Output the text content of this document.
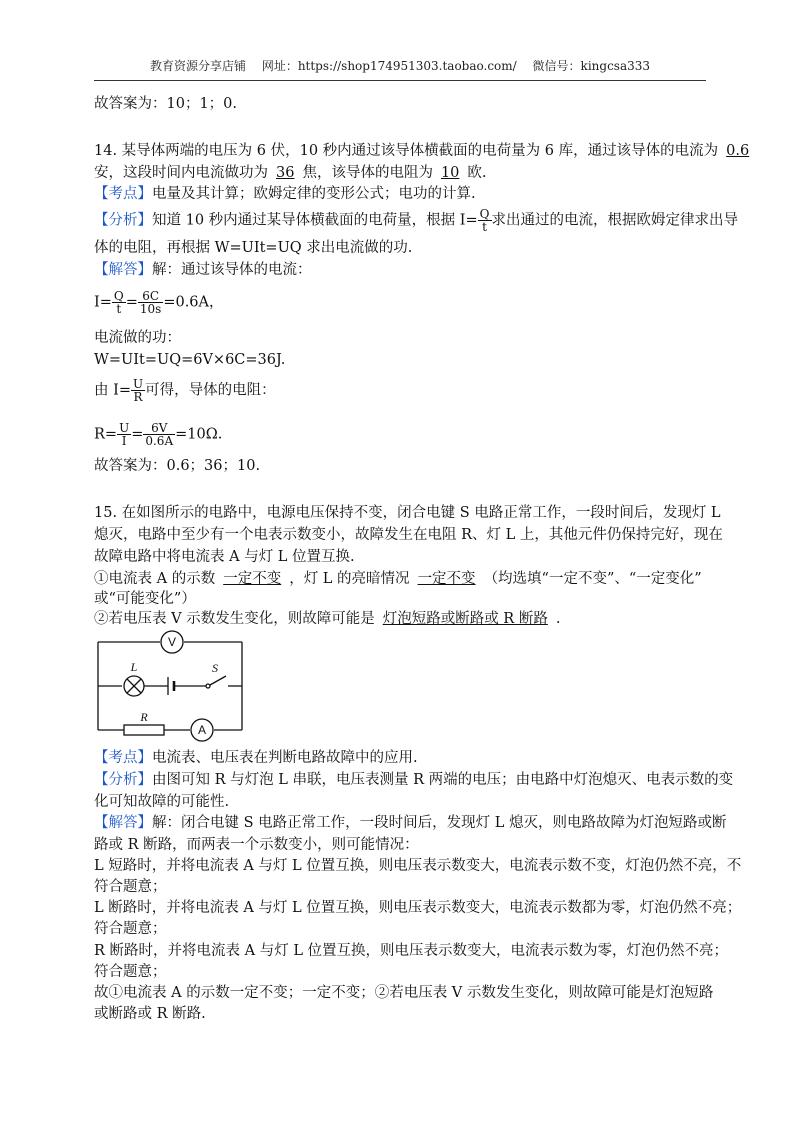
教育资源分享店铺 网址：https://shop174951303.taobao.com/ 微信号：kingcsa333
故答案为：10；1；0.
14. 某导体两端的电压为 6 伏，10 秒内通过该导体横截面的电荷量为 6 库，通过该导体的电流为 0.6
安，这段时间内电流做功为 36 焦，该导体的电阻为 10 欧.
【考点】电量及其计算；欧姆定律的变形公式；电功的计算.
【分析】知道 10 秒内通过某导体横截面的电荷量，根据 $I= \frac{Q}{t}$ 求出通过的电流，根据欧姆定律求出导
体的电阻，再根据 W=UIt=UQ 求出电流做的功.
【解答】解：通过该导体的电流：
$I= \frac{Q}{t} = \frac{6C}{10s} =0.6A$，
电流做的功：
W=UIt=UQ=6V×6C=36J.
由 $I= \frac{U}{R}$ 可得，导体的电阻：
$R= \frac{U}{I} = \frac{6V}{0.6A} =10\Omega$.
故答案为：0.6；36；10.
15. 在如图所示的电路中，电源电压保持不变，闭合电键 S 电路正常工作，一段时间后，发现灯 L
熄灭，电路中至少有一个电表示数变小，故障发生在电阻 R、灯 L 上，其他元件仍保持完好，现在
故障电路中将电流表 A 与灯 L 位置互换.
①电流表 A 的示数 一定不变 ，灯 L 的亮暗情况 一定不变 （均选填“一定不变”、“一定变化”
或“可能变化”）
②若电压表 V 示数发生变化，则故障可能是 灯泡短路或断路或 R 断路 .
V
L	S
R
A
【考点】电流表、电压表在判断电路故障中的应用.
【分析】由图可知 R 与灯泡 L 串联，电压表测量 R 两端的电压；由电路中灯泡熄灭、电表示数的变
化可知故障的可能性.
【解答】解：闭合电键 S 电路正常工作，一段时间后，发现灯 L 熄灭，则电路故障为灯泡短路或断
路或 R 断路，而两表一个示数变小，则可能情况：
L 短路时，并将电流表 A 与灯 L 位置互换，则电压表示数变大，电流表示数不变，灯泡仍然不亮，不
符合题意；
L 断路时，并将电流表 A 与灯 L 位置互换，则电压表示数变大，电流表示数都为零，灯泡仍然不亮；
符合题意；
R 断路时，并将电流表 A 与灯 L 位置互换，则电压表示数变大，电流表示数为零，灯泡仍然不亮；
符合题意；
故①电流表 A 的示数一定不变；一定不变；②若电压表 V 示数发生变化，则故障可能是灯泡短路
或断路或 R 断路.
